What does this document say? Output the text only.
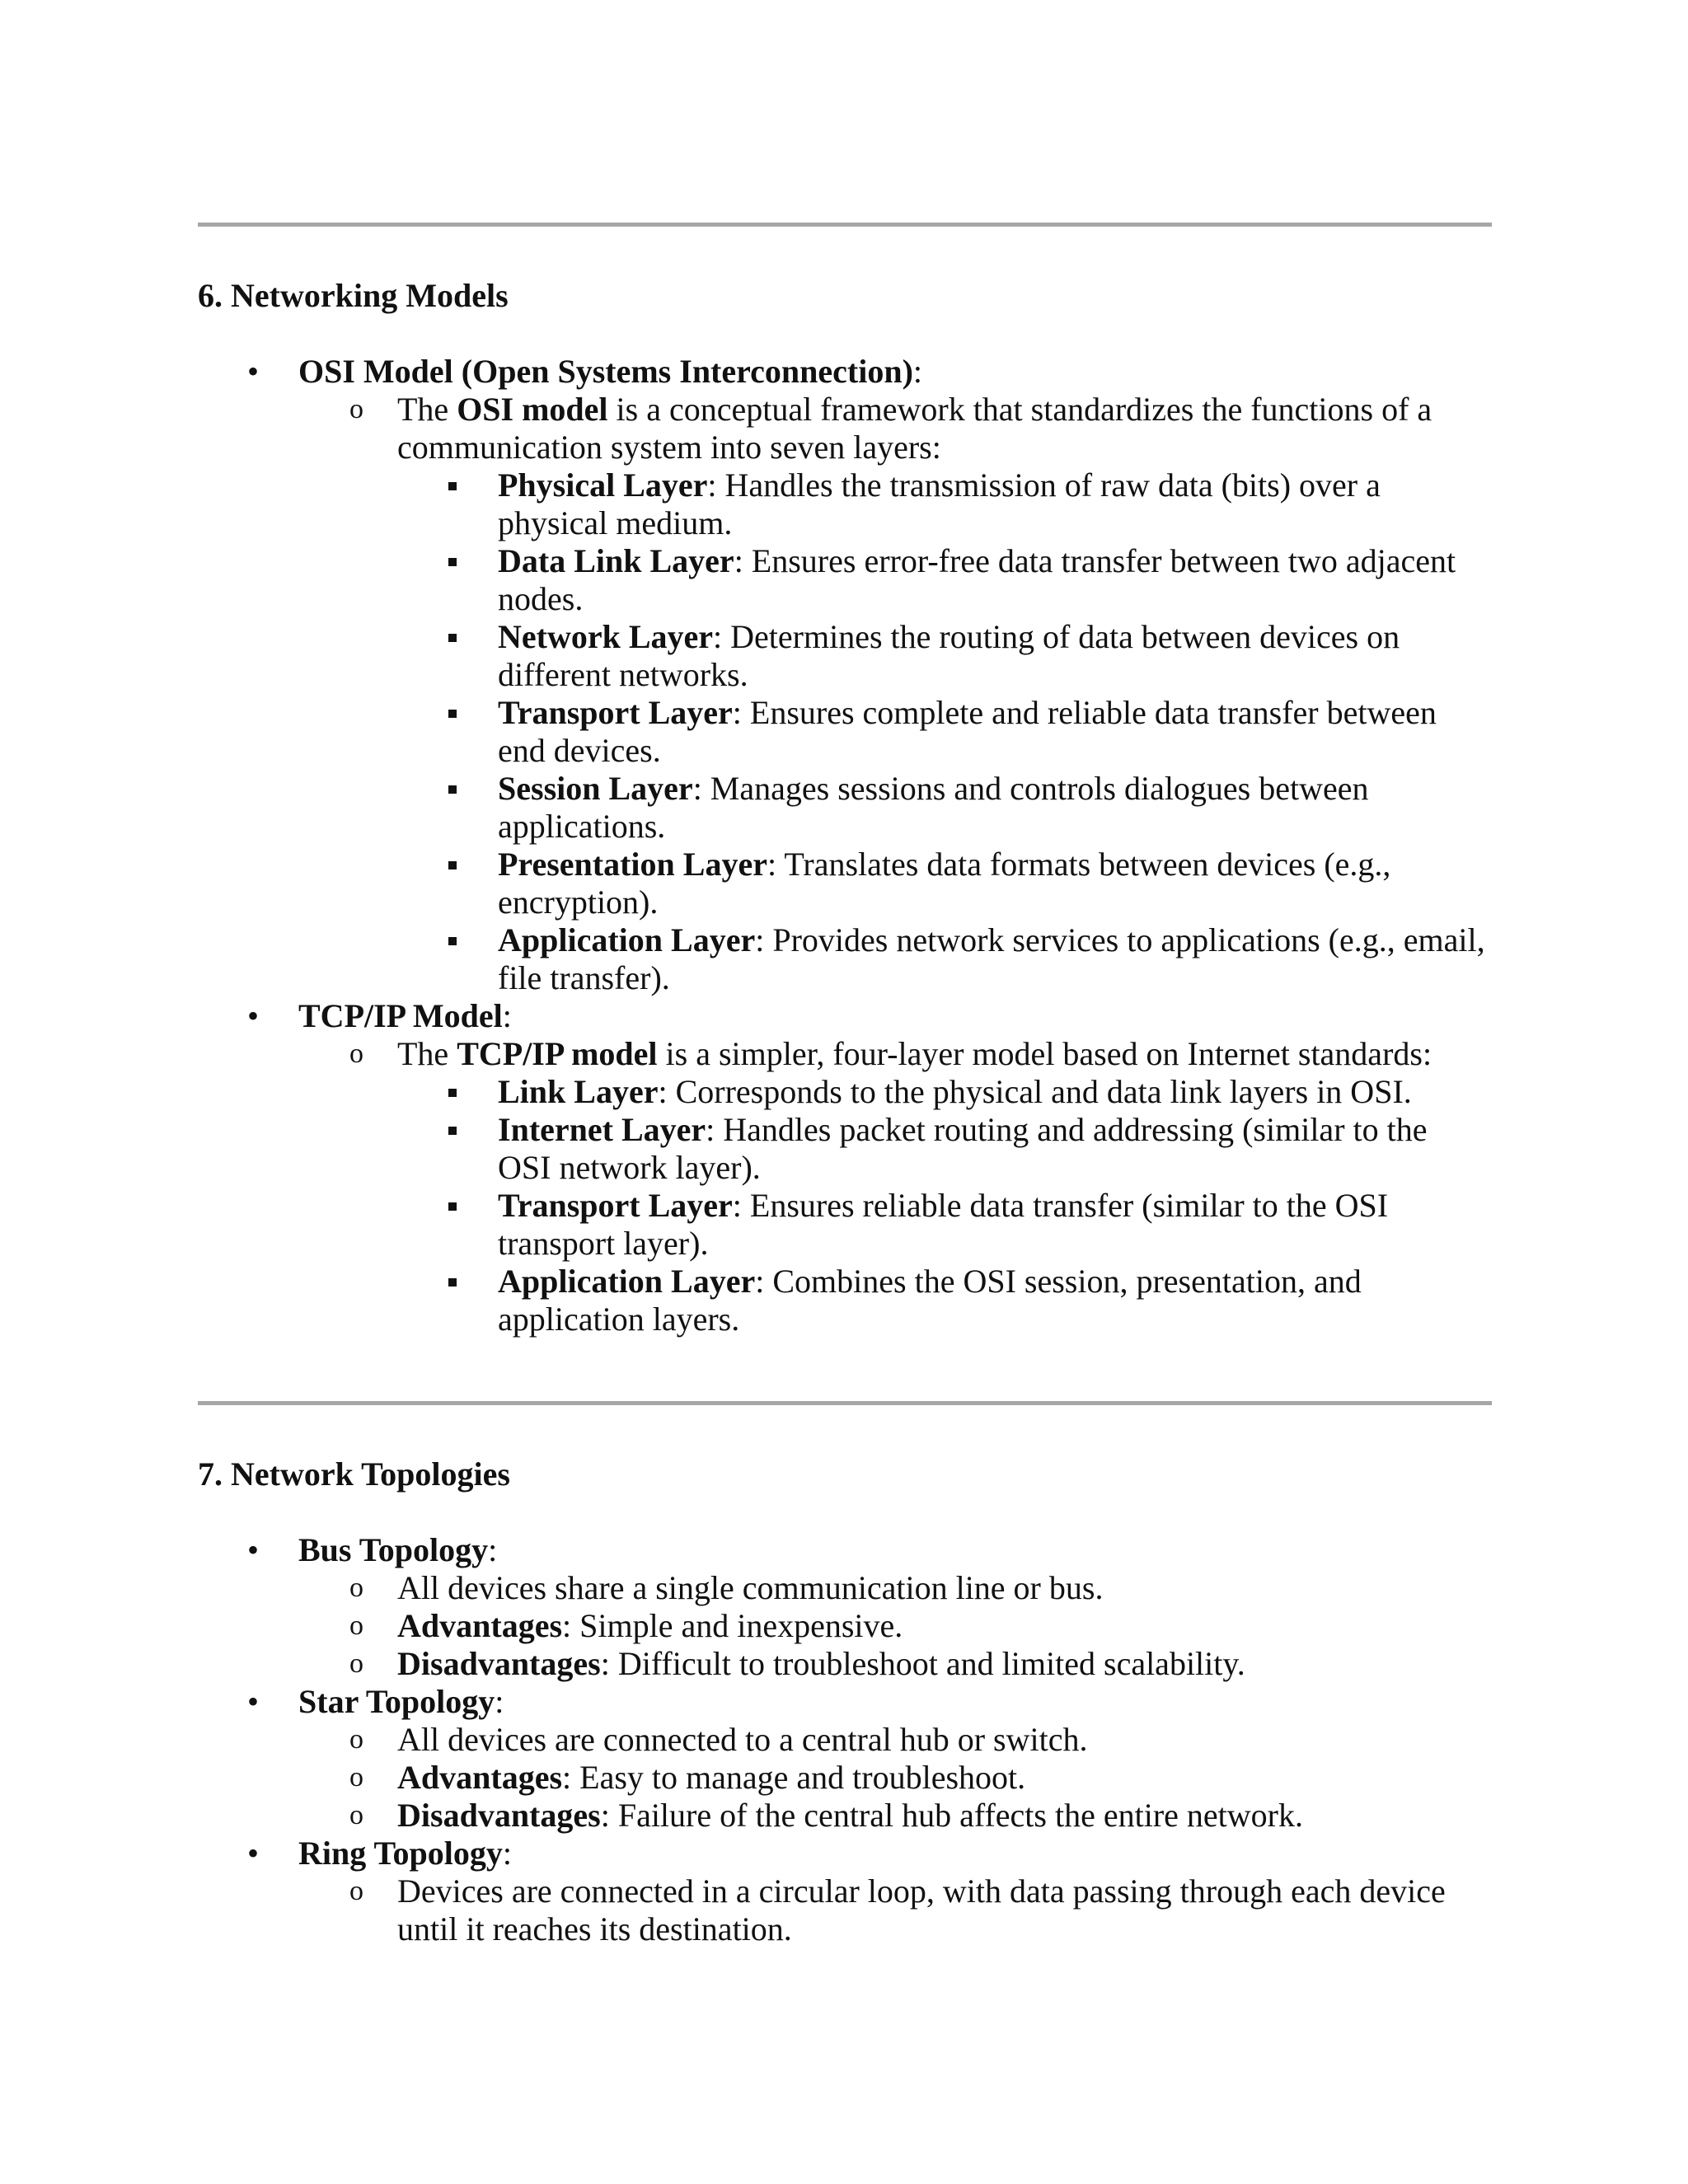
6. Networking Models

•

OSI Model (Open Systems Interconnection):

o

The OSI model is a conceptual framework that standardizes the functions of a

communication system into seven layers:

Physical Layer: Handles the transmission of raw data (bits) over a

physical medium.

Data Link Layer: Ensures error-free data transfer between two adjacent

nodes.

Network Layer: Determines the routing of data between devices on

different networks.

Transport Layer: Ensures complete and reliable data transfer between

end devices.

Session Layer: Manages sessions and controls dialogues between

applications.

Presentation Layer: Translates data formats between devices (e.g.,

encryption).

Application Layer: Provides network services to applications (e.g., email,

file transfer).

•

TCP/IP Model:

o

The TCP/IP model is a simpler, four-layer model based on Internet standards:

Link Layer: Corresponds to the physical and data link layers in OSI.

Internet Layer: Handles packet routing and addressing (similar to the

OSI network layer).

Transport Layer: Ensures reliable data transfer (similar to the OSI

transport layer).

Application Layer: Combines the OSI session, presentation, and

application layers.

7. Network Topologies

•

Bus Topology:

o

All devices share a single communication line or bus.

o

Advantages: Simple and inexpensive.

o

Disadvantages: Difficult to troubleshoot and limited scalability.

•

Star Topology:

o

All devices are connected to a central hub or switch.

o

Advantages: Easy to manage and troubleshoot.

o

Disadvantages: Failure of the central hub affects the entire network.

•

Ring Topology:

o

Devices are connected in a circular loop, with data passing through each device

until it reaches its destination.
